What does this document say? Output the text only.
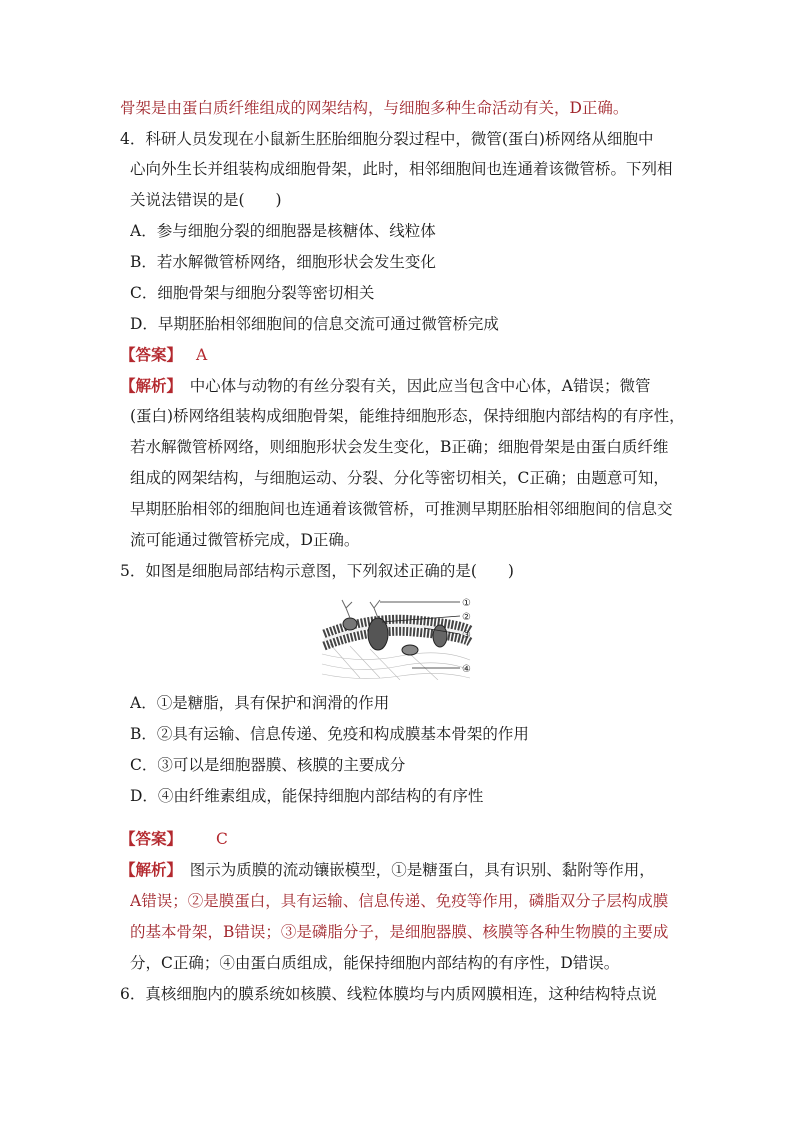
骨架是由蛋白质纤维组成的网架结构，与细胞多种生命活动有关，D正确。
4．科研人员发现在小鼠新生胚胎细胞分裂过程中，微管(蛋白)桥网络从细胞中
心向外生长并组装构成细胞骨架，此时，相邻细胞间也连通着该微管桥。下列相
关说法错误的是(　　)
A．参与细胞分裂的细胞器是核糖体、线粒体
B．若水解微管桥网络，细胞形状会发生变化
C．细胞骨架与细胞分裂等密切相关
D．早期胚胎相邻细胞间的信息交流可通过微管桥完成
【答案】 A
【解析】　中心体与动物的有丝分裂有关，因此应当包含中心体，A错误；微管
(蛋白)桥网络组装构成细胞骨架，能维持细胞形态，保持细胞内部结构的有序性，
若水解微管桥网络，则细胞形状会发生变化，B正确；细胞骨架是由蛋白质纤维
组成的网架结构，与细胞运动、分裂、分化等密切相关，C正确；由题意可知，
早期胚胎相邻的细胞间也连通着该微管桥，可推测早期胚胎相邻细胞间的信息交
流可能通过微管桥完成，D正确。
5．如图是细胞局部结构示意图，下列叙述正确的是(　　)
①
②
③
④
A．①是糖脂，具有保护和润滑的作用
B．②具有运输、信息传递、免疫和构成膜基本骨架的作用
C．③可以是细胞器膜、核膜的主要成分
D．④由纤维素组成，能保持细胞内部结构的有序性
【答案】 C
【解析】　图示为质膜的流动镶嵌模型，①是糖蛋白，具有识别、黏附等作用，
A错误；②是膜蛋白，具有运输、信息传递、免疫等作用，磷脂双分子层构成膜
的基本骨架，B错误；③是磷脂分子，是细胞器膜、核膜等各种生物膜的主要成
分，C正确；④由蛋白质组成，能保持细胞内部结构的有序性，D错误。
6．真核细胞内的膜系统如核膜、线粒体膜均与内质网膜相连，这种结构特点说
